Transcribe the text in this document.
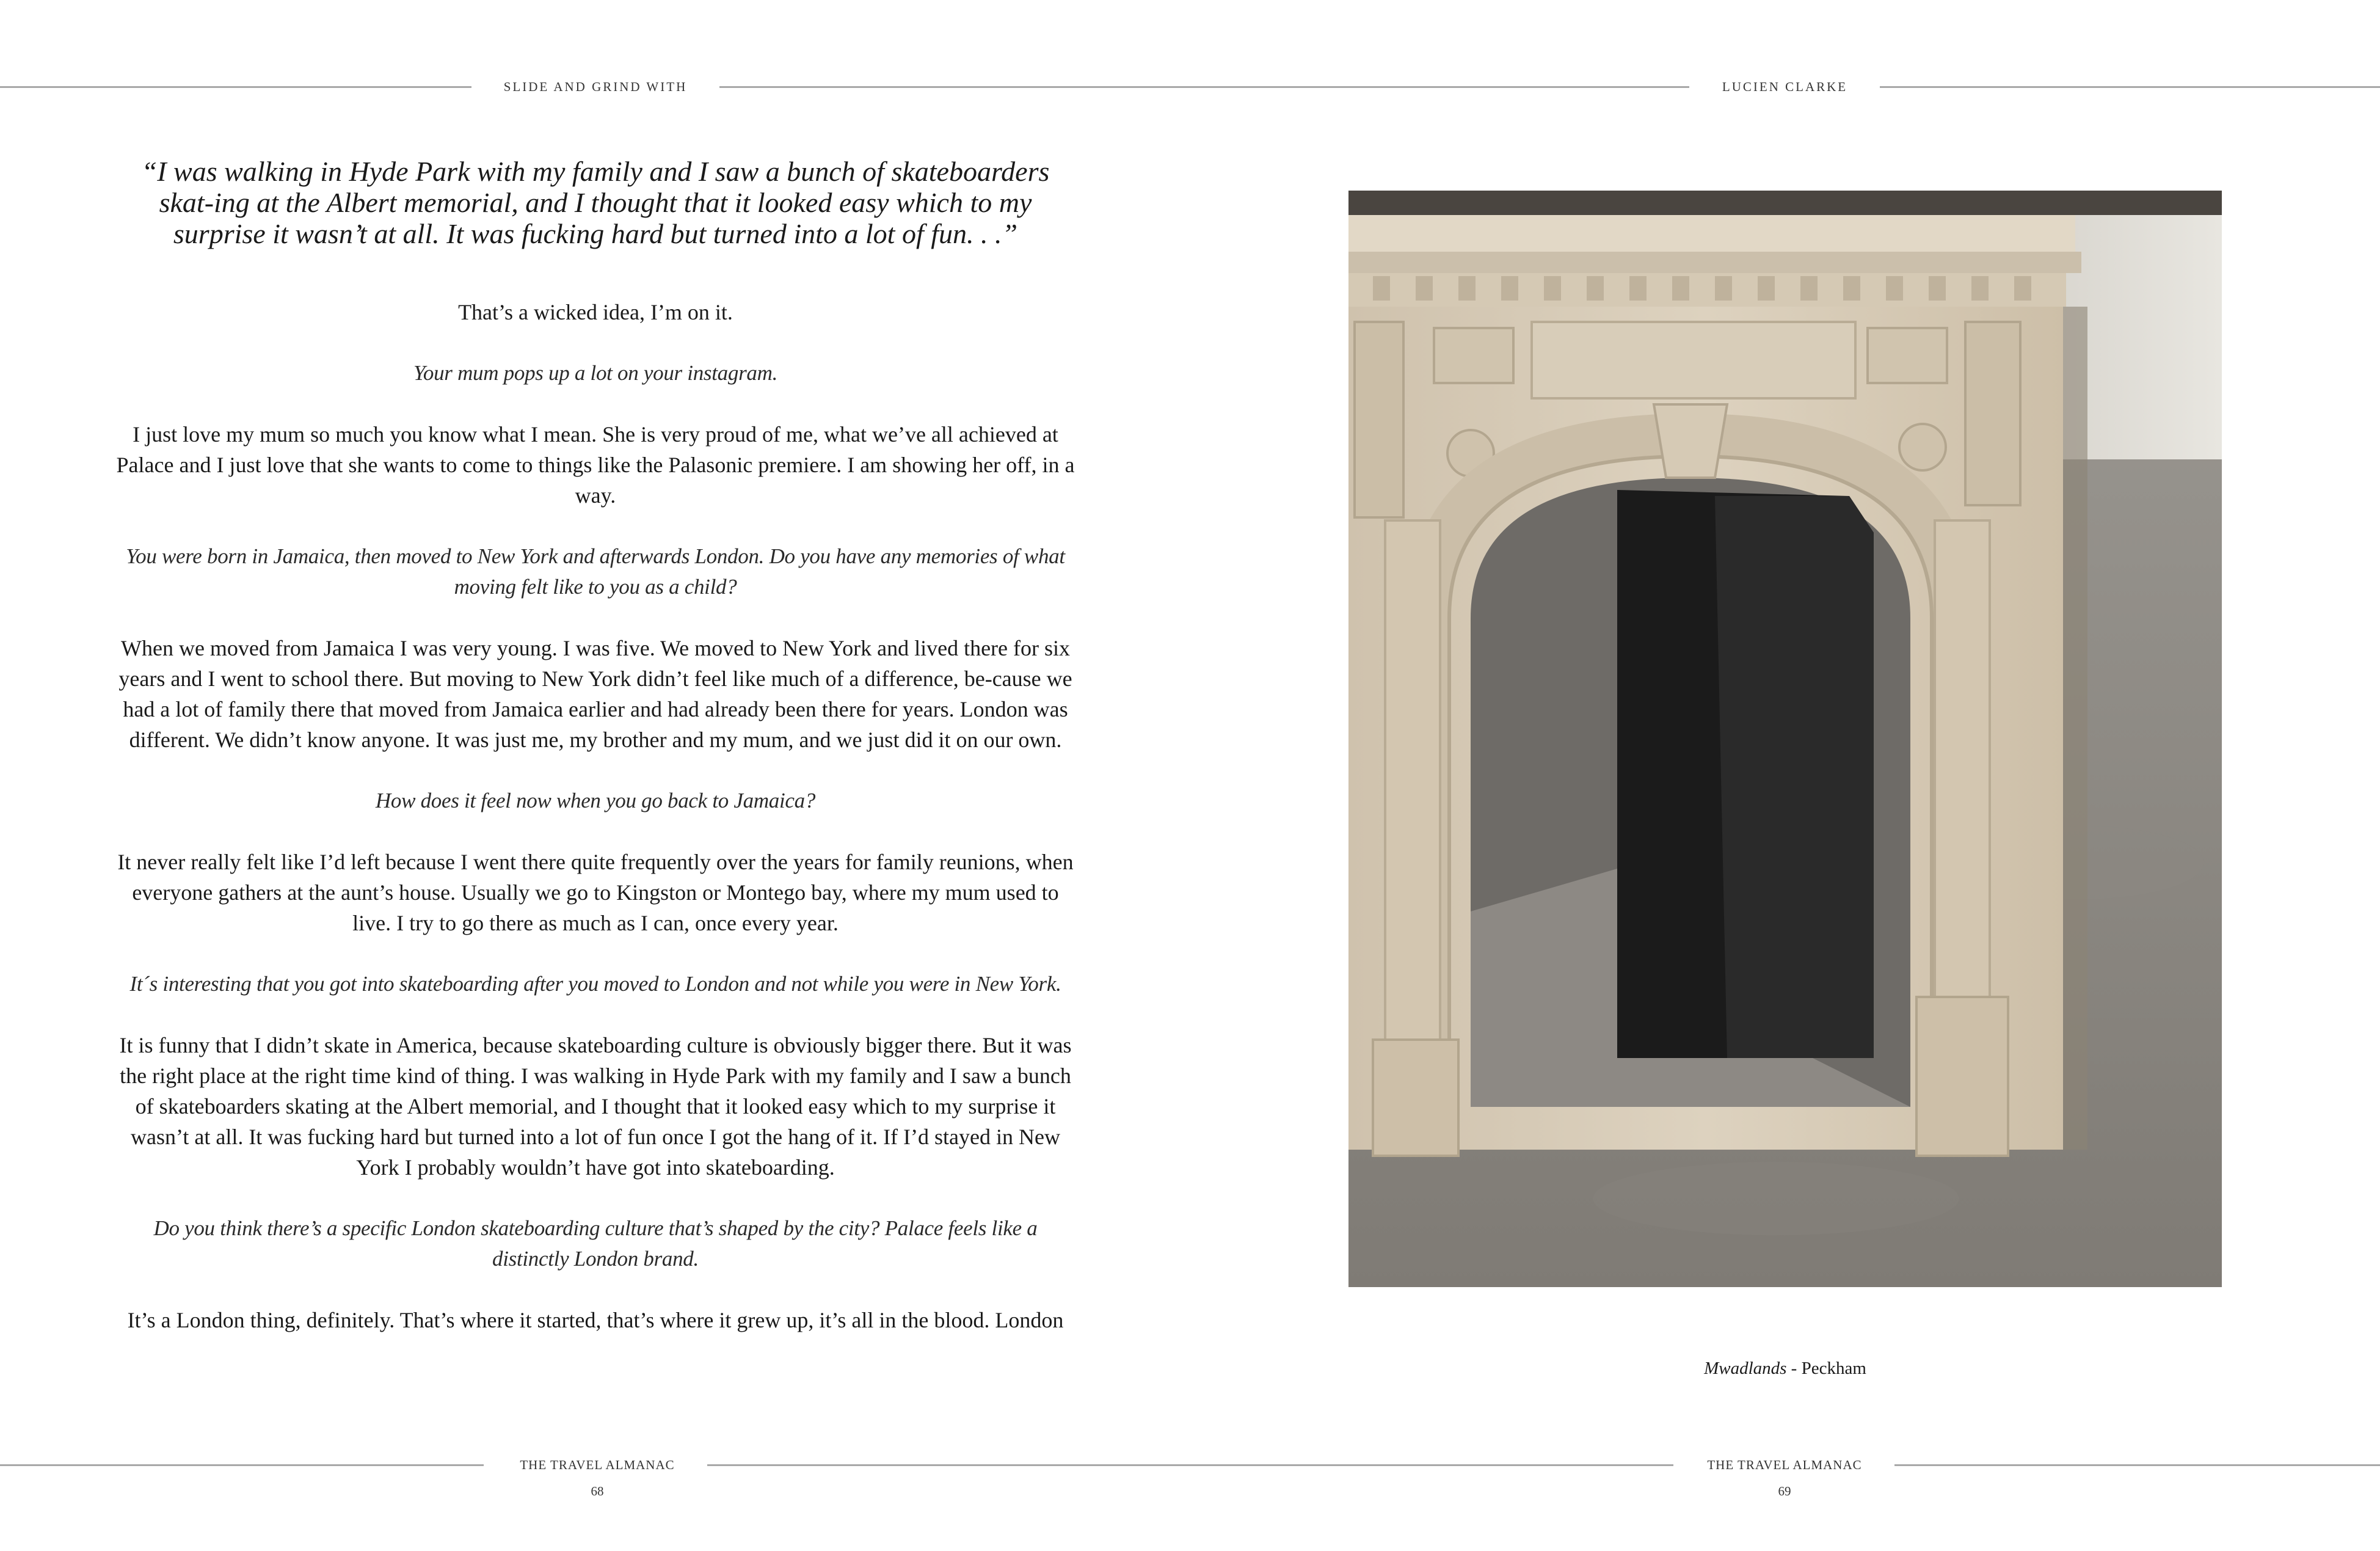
SLIDE AND GRIND WITH	LUCIEN CLARKE

“I was walking in Hyde Park with my family and I saw a bunch of skateboarders skat-ing at the Albert memorial, and I thought that it looked easy which to my surprise it wasn’t at all. It was fucking hard but turned into a lot of fun. . .”

That’s a wicked idea, I’m on it.

Your mum pops up a lot on your instagram.

I just love my mum so much you know what I mean. She is very proud of me, what we’ve all achieved at Palace and I just love that she wants to come to things like the Palasonic premiere. I am showing her off, in a way.

You were born in Jamaica, then moved to New York and afterwards London. Do you have any memories of what moving felt like to you as a child?

When we moved from Jamaica I was very young. I was five. We moved to New York and lived there for six years and I went to school there. But moving to New York didn’t feel like much of a difference, be-cause we had a lot of family there that moved from Jamaica earlier and had already been there for years. London was different. We didn’t know anyone. It was just me, my brother and my mum, and we just did it on our own.

How does it feel now when you go back to Jamaica?

It never really felt like I’d left because I went there quite frequently over the years for family reunions, when everyone gathers at the aunt’s house. Usually we go to Kingston or Montego bay, where my mum used to live. I try to go there as much as I can, once every year.

It´s interesting that you got into skateboarding after you moved to London and not while you were in New York.

It is funny that I didn’t skate in America, because skateboarding culture is obviously bigger there. But it was the right place at the right time kind of thing. I was walking in Hyde Park with my family and I saw a bunch of skateboarders skating at the Albert memorial, and I thought that it looked easy which to my surprise it wasn’t at all. It was fucking hard but turned into a lot of fun once I got the hang of it. If I’d stayed in New York I probably wouldn’t have got into skateboarding.

Do you think there’s a specific London skateboarding culture that’s shaped by the city? Palace feels like a distinctly London brand.

It’s a London thing, definitely. That’s where it started, that’s where it grew up, it’s all in the blood. London

Mwadlands - Peckham
THE TRAVEL ALMANAC	THE TRAVEL ALMANAC
68	69
